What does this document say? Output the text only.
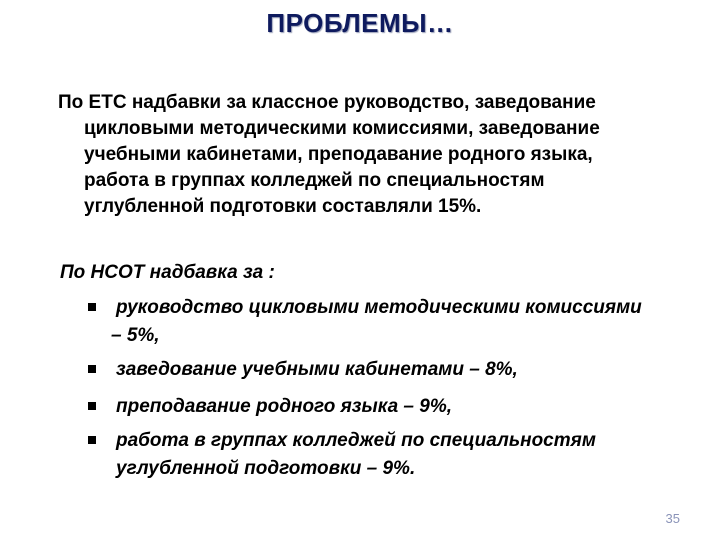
ПРОБЛЕМЫ…
По ЕТС надбавки за классное руководство, заведование
цикловыми методическими комиссиями, заведование
учебными кабинетами, преподавание родного языка,
работа в группах колледжей по специальностям
углубленной подготовки составляли 15%.
По НСОТ надбавка за :
руководство цикловыми методическими комиссиями
– 5%,
заведование учебными кабинетами – 8%,
преподавание родного языка – 9%,
работа в группах колледжей по специальностям
углубленной подготовки – 9%.
35
